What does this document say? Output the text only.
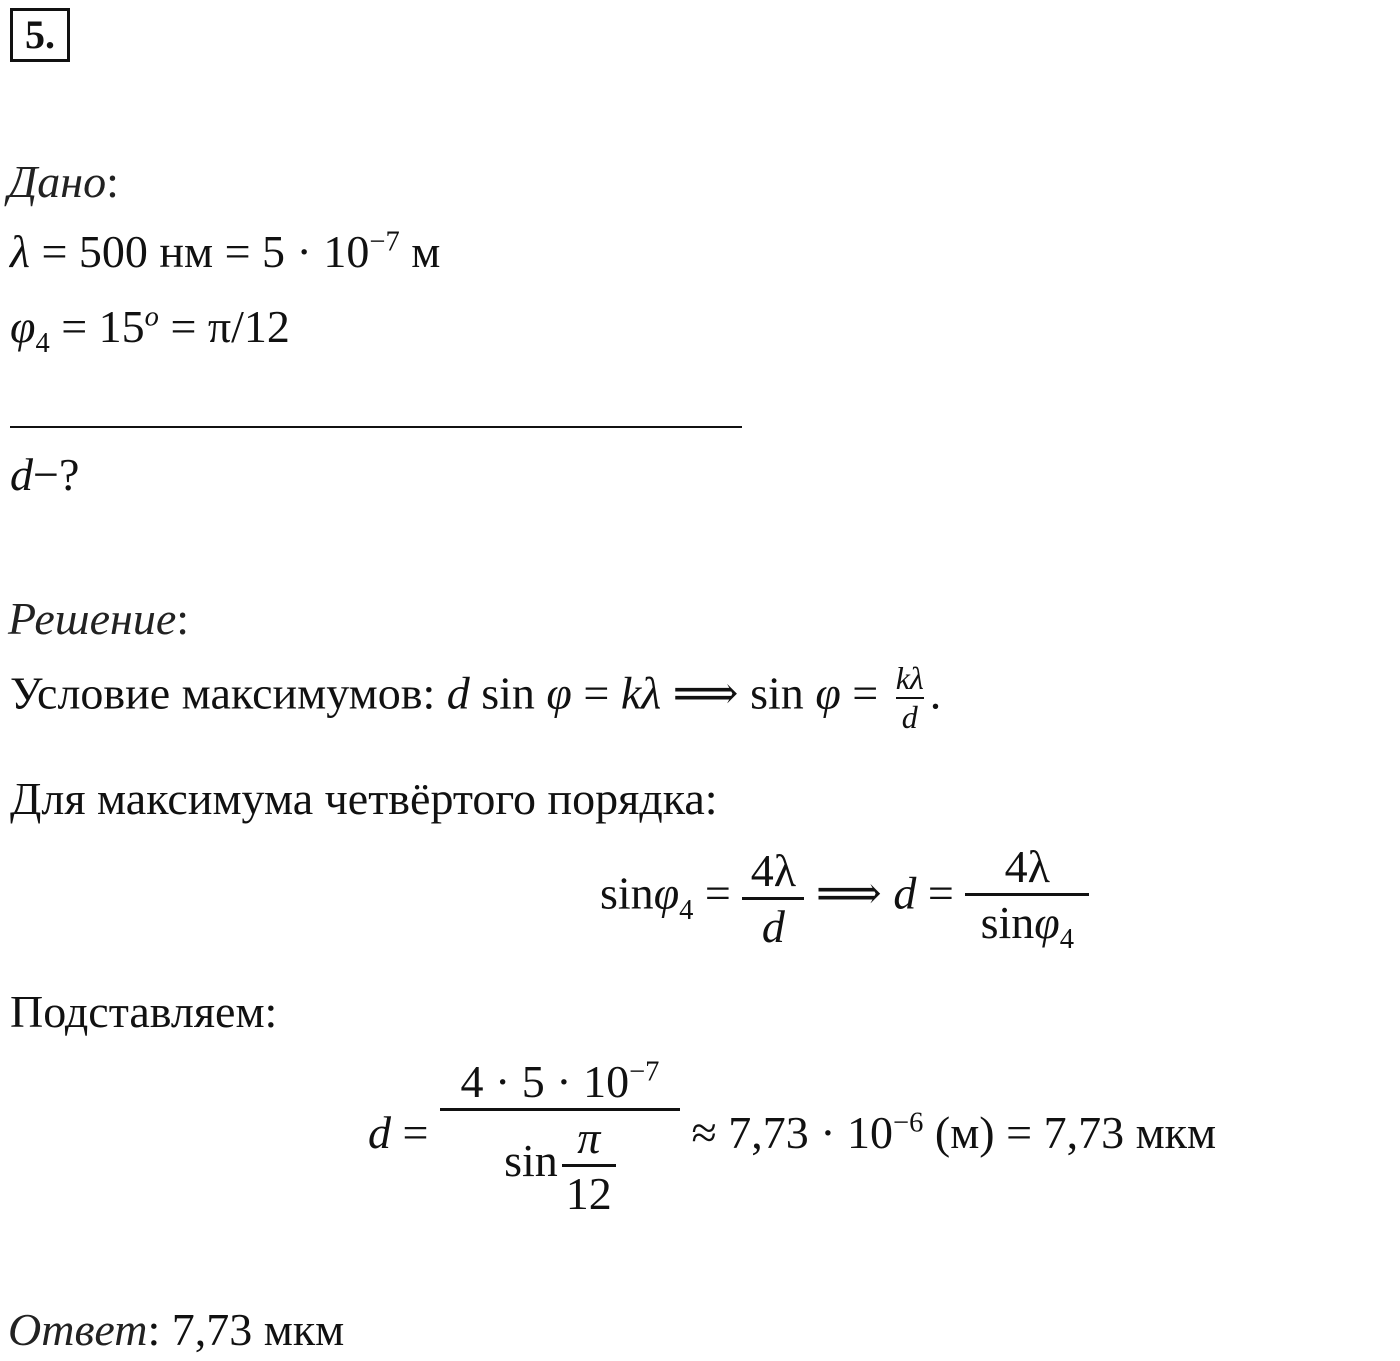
5.
Дано:
λ = 500 нм = $5 \cdot 10^{-7}$ м
$\varphi_4 = 15^o = \pi/12$
d−?
Решение:
Условие максимумов: d sin φ = kλ ⟹ $\sin \varphi = \frac{k\lambda}{d}$ .
Для максимума четвёртого порядка:
$\sin\varphi_4 = \frac{4\lambda}{d}$ ⟹ $d = \frac{4\lambda}{\sin\varphi_4}$
Подставляем:
$d = \frac{4 \cdot 5 \cdot 10^{-7}}{\sin \frac{\pi}{12}} \approx 7,73 \cdot 10^{-6}$ (м) = 7,73 мкм
Ответ: 7,73 мкм
